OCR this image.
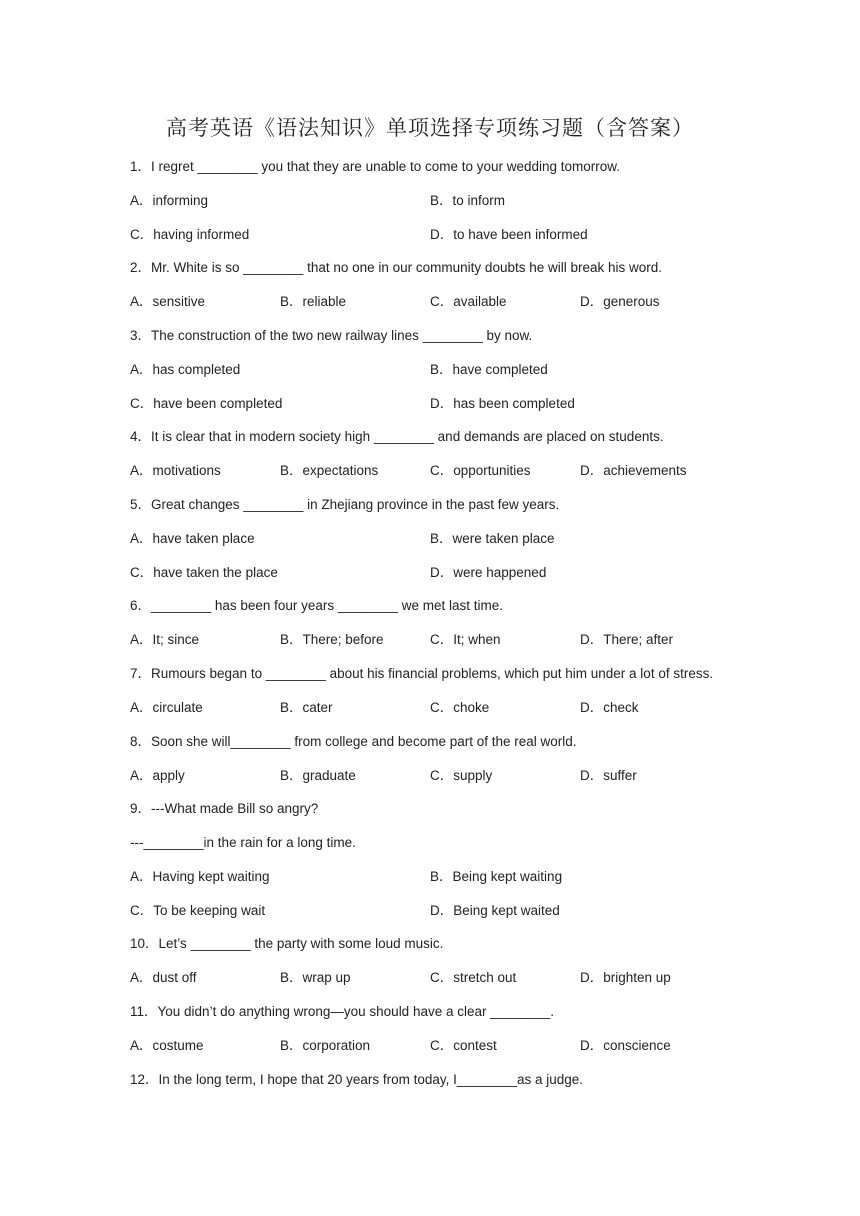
高考英语《语法知识》单项选择专项练习题（含答案）
1．I regret ________ you that they are unable to come to your wedding tomorrow.
A．informing	B．to inform
C．having informed	D．to have been informed
2．Mr. White is so ________ that no one in our community doubts he will break his word.
A．sensitive	B．reliable	C．available	D．generous
3．The construction of the two new railway lines ________ by now.
A．has completed	B．have completed
C．have been completed	D．has been completed
4．It is clear that in modern society high ________ and demands are placed on students.
A．motivations	B．expectations	C．opportunities	D．achievements
5．Great changes ________ in Zhejiang province in the past few years.
A．have taken place	B．were taken place
C．have taken the place	D．were happened
6．________ has been four years ________ we met last time.
A．It; since	B．There; before	C．It; when	D．There; after
7．Rumours began to ________ about his financial problems, which put him under a lot of stress.
A．circulate	B．cater	C．choke	D．check
8．Soon she will________ from college and become part of the real world.
A．apply	B．graduate	C．supply	D．suffer
9．---What made Bill so angry?
---________in the rain for a long time.
A．Having kept waiting	B．Being kept waiting
C．To be keeping wait	D．Being kept waited
10．Let’s ________ the party with some loud music.
A．dust off	B．wrap up	C．stretch out	D．brighten up
11．You didn’t do anything wrong—you should have a clear ________.
A．costume	B．corporation	C．contest	D．conscience
12．In the long term, I hope that 20 years from today, I________as a judge.
